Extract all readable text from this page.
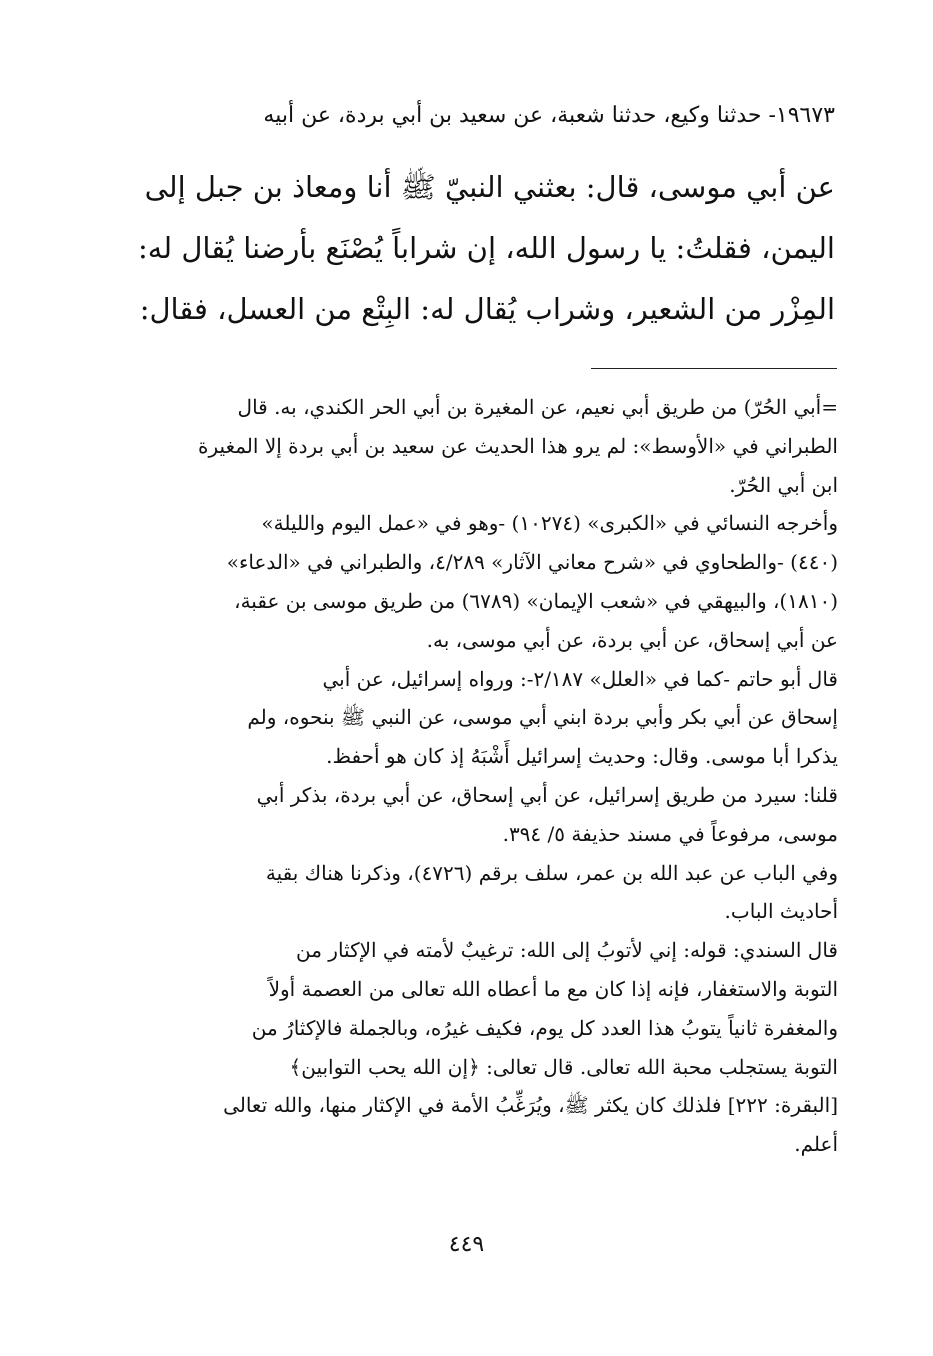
١٩٦٧٣- حدثنا وكيع، حدثنا شعبة، عن سعيد بن أبي بردة، عن أبيه
عن أبي موسى، قال: بعثني النبيّ ﷺ أنا ومعاذ بن جبل إلى
اليمن، فقلتُ: يا رسول الله، إن شراباً يُصْنَع بأرضنا يُقال له:
المِزْر من الشعير، وشراب يُقال له: البِتْع من العسل، فقال:
=أبي الحُرّ) من طريق أبي نعيم، عن المغيرة بن أبي الحر الكندي، به. قال
الطبراني في «الأوسط»: لم يرو هذا الحديث عن سعيد بن أبي بردة إلا المغيرة
ابن أبي الحُرّ.
وأخرجه النسائي في «الكبرى» (١٠٢٧٤) -وهو في «عمل اليوم والليلة»
(٤٤٠) -والطحاوي في «شرح معاني الآثار» ٤/٢٨٩، والطبراني في «الدعاء»
(١٨١٠)، والبيهقي في «شعب الإيمان» (٦٧٨٩) من طريق موسى بن عقبة،
عن أبي إسحاق، عن أبي بردة، عن أبي موسى، به.
قال أبو حاتم -كما في «العلل» ٢/١٨٧-: ورواه إسرائيل، عن أبي
إسحاق عن أبي بكر وأبي بردة ابني أبي موسى، عن النبي ﷺ بنحوه، ولم
يذكرا أبا موسى. وقال: وحديث إسرائيل أَشْبَهُ إذ كان هو أحفظ.
قلنا: سيرد من طريق إسرائيل، عن أبي إسحاق، عن أبي بردة، بذكر أبي
موسى، مرفوعاً في مسند حذيفة ٥/ ٣٩٤.
وفي الباب عن عبد الله بن عمر، سلف برقم (٤٧٢٦)، وذكرنا هناك بقية
أحاديث الباب.
قال السندي: قوله: إني لأتوبُ إلى الله: ترغيبٌ لأمته في الإكثار من
التوبة والاستغفار، فإنه إذا كان مع ما أعطاه الله تعالى من العصمة أولاً
والمغفرة ثانياً يتوبُ هذا العدد كل يوم، فكيف غيرُه، وبالجملة فالإكثارُ من
التوبة يستجلب محبة الله تعالى. قال تعالى: ﴿إن الله يحب التوابين﴾
[البقرة: ٢٢٢] فلذلك كان يكثر ﷺ، ويُرَغِّبُ الأمة في الإكثار منها، والله تعالى
أعلم.
٤٤٩
